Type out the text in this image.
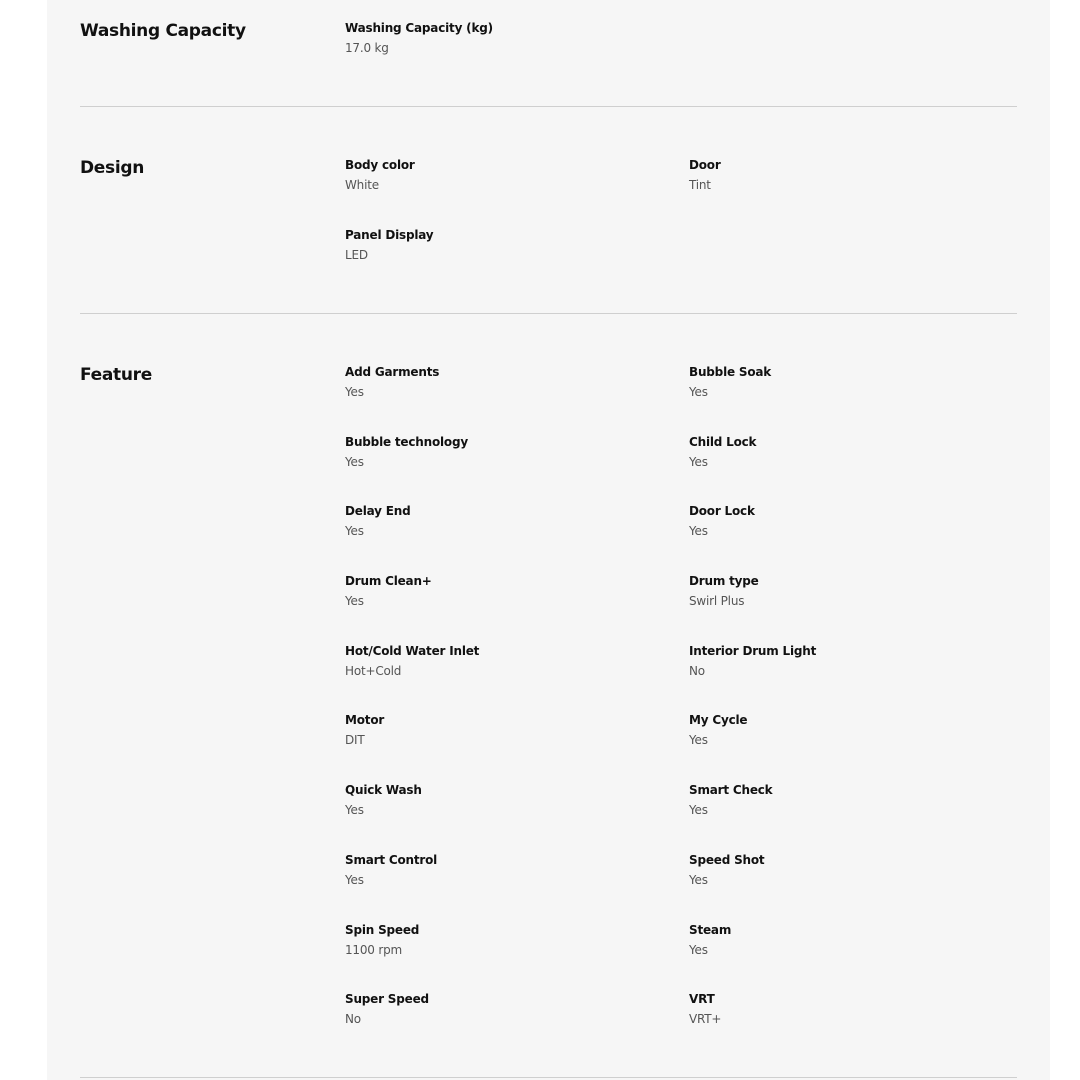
Washing Capacity	Washing Capacity (kg)
17.0 kg
Design	Body color
White
Door
Tint
Panel Display
LED
Feature	Add Garments
Yes
Bubble Soak
Yes
Bubble technology
Yes
Child Lock
Yes
Delay End
Yes
Door Lock
Yes
Drum Clean+
Yes
Drum type
Swirl Plus
Hot/Cold Water Inlet
Hot+Cold
Interior Drum Light
No
Motor
DIT
My Cycle
Yes
Quick Wash
Yes
Smart Check
Yes
Smart Control
Yes
Speed Shot
Yes
Spin Speed
1100 rpm
Steam
Yes
Super Speed
No
VRT
VRT+
